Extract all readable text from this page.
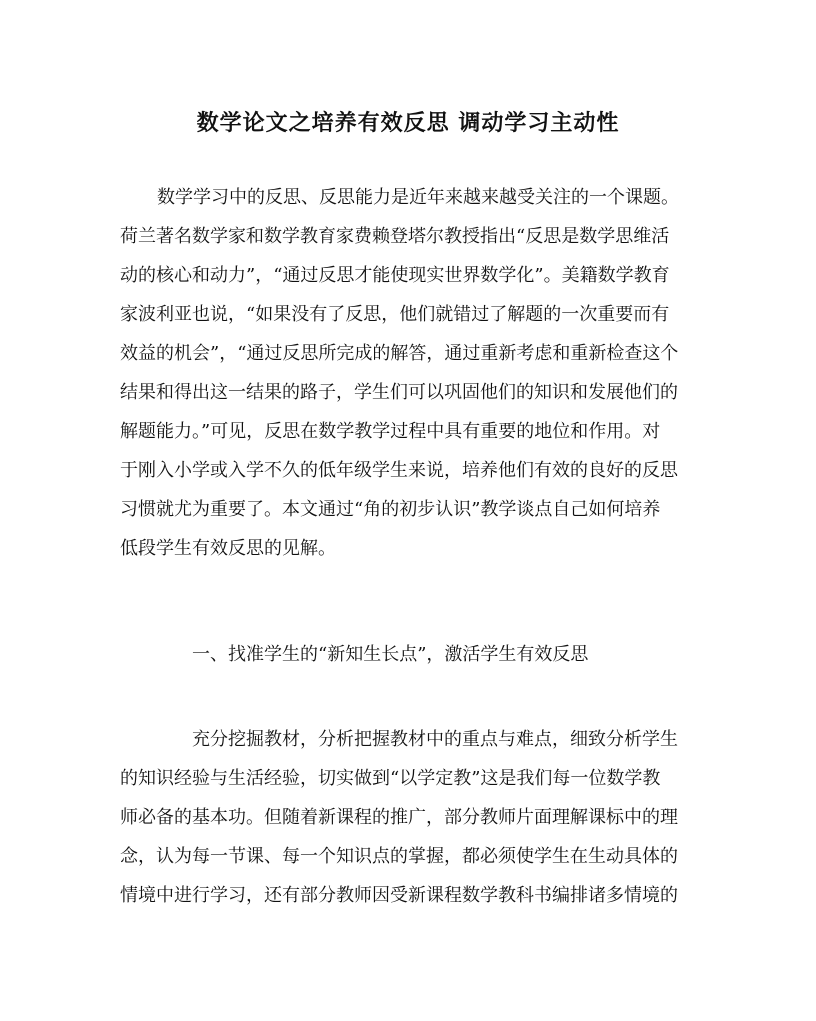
数学论文之培养有效反思 调动学习主动性
数学学习中的反思、反思能力是近年来越来越受关注的一个课题。
荷兰著名数学家和数学教育家费赖登塔尔教授指出“反思是数学思维活
动的核心和动力”，“通过反思才能使现实世界数学化”。美籍数学教育
家波利亚也说，“如果没有了反思，他们就错过了解题的一次重要而有
效益的机会”，“通过反思所完成的解答，通过重新考虑和重新检查这个
结果和得出这一结果的路子，学生们可以巩固他们的知识和发展他们的
解题能力。”可见，反思在数学教学过程中具有重要的地位和作用。对
于刚入小学或入学不久的低年级学生来说，培养他们有效的良好的反思
习惯就尤为重要了。本文通过“角的初步认识”教学谈点自己如何培养
低段学生有效反思的见解。
一、找准学生的“新知生长点”，激活学生有效反思
充分挖掘教材，分析把握教材中的重点与难点，细致分析学生
的知识经验与生活经验，切实做到“以学定教”这是我们每一位数学教
师必备的基本功。但随着新课程的推广，部分教师片面理解课标中的理
念，认为每一节课、每一个知识点的掌握，都必须使学生在生动具体的
情境中进行学习，还有部分教师因受新课程数学教科书编排诸多情境的
